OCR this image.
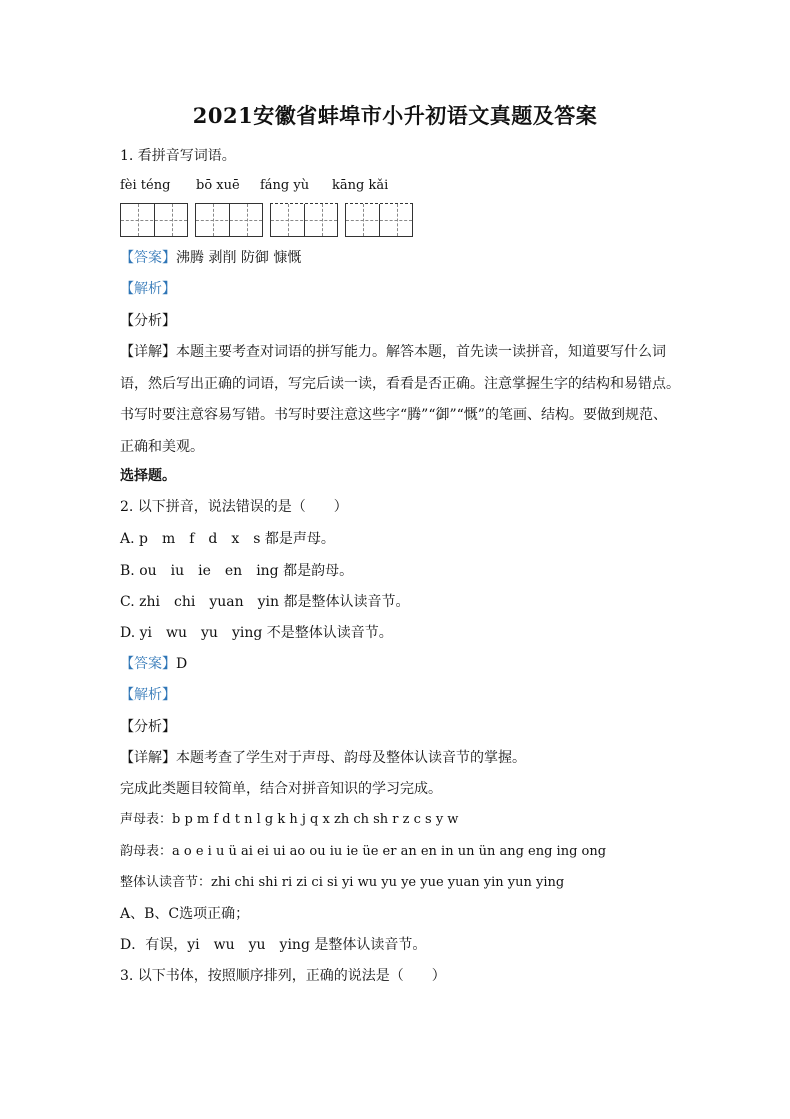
2021安徽省蚌埠市小升初语文真题及答案
1. 看拼音写词语。
fèi téng bō xuē fáng yù kāng kǎi
【答案】沸腾 剥削 防御 慷慨
【解析】
【分析】
【详解】本题主要考查对词语的拼写能力。解答本题，首先读一读拼音，知道要写什么词语，然后写出正确的词语，写完后读一读，看看是否正确。注意掌握生字的结构和易错点。书写时要注意容易写错。书写时要注意这些字“腾”“御”“慨”的笔画、结构。要做到规范、正确和美观。
选择题。
2. 以下拼音，说法错误的是（　　）
A. p　m　f　d　x　s 都是声母。
B. ou　iu　ie　en　ing 都是韵母。
C. zhi　chi　yuan　yin 都是整体认读音节。
D. yi　wu　yu　ying 不是整体认读音节。
【答案】D
【解析】
【分析】
【详解】本题考查了学生对于声母、韵母及整体认读音节的掌握。
完成此类题目较简单，结合对拼音知识的学习完成。
声母表：b p m f d t n l g k h j q x zh ch sh r z c s y w
韵母表：a o e i u ü ai ei ui ao ou iu ie üe er an en in un ün ang eng ing ong
整体认读音节：zhi chi shi ri zi ci si yi wu yu ye yue yuan yin yun ying
A、B、C选项正确；
D．有误，yi　wu　yu　ying 是整体认读音节。
3. 以下书体，按照顺序排列，正确的说法是（　　）
